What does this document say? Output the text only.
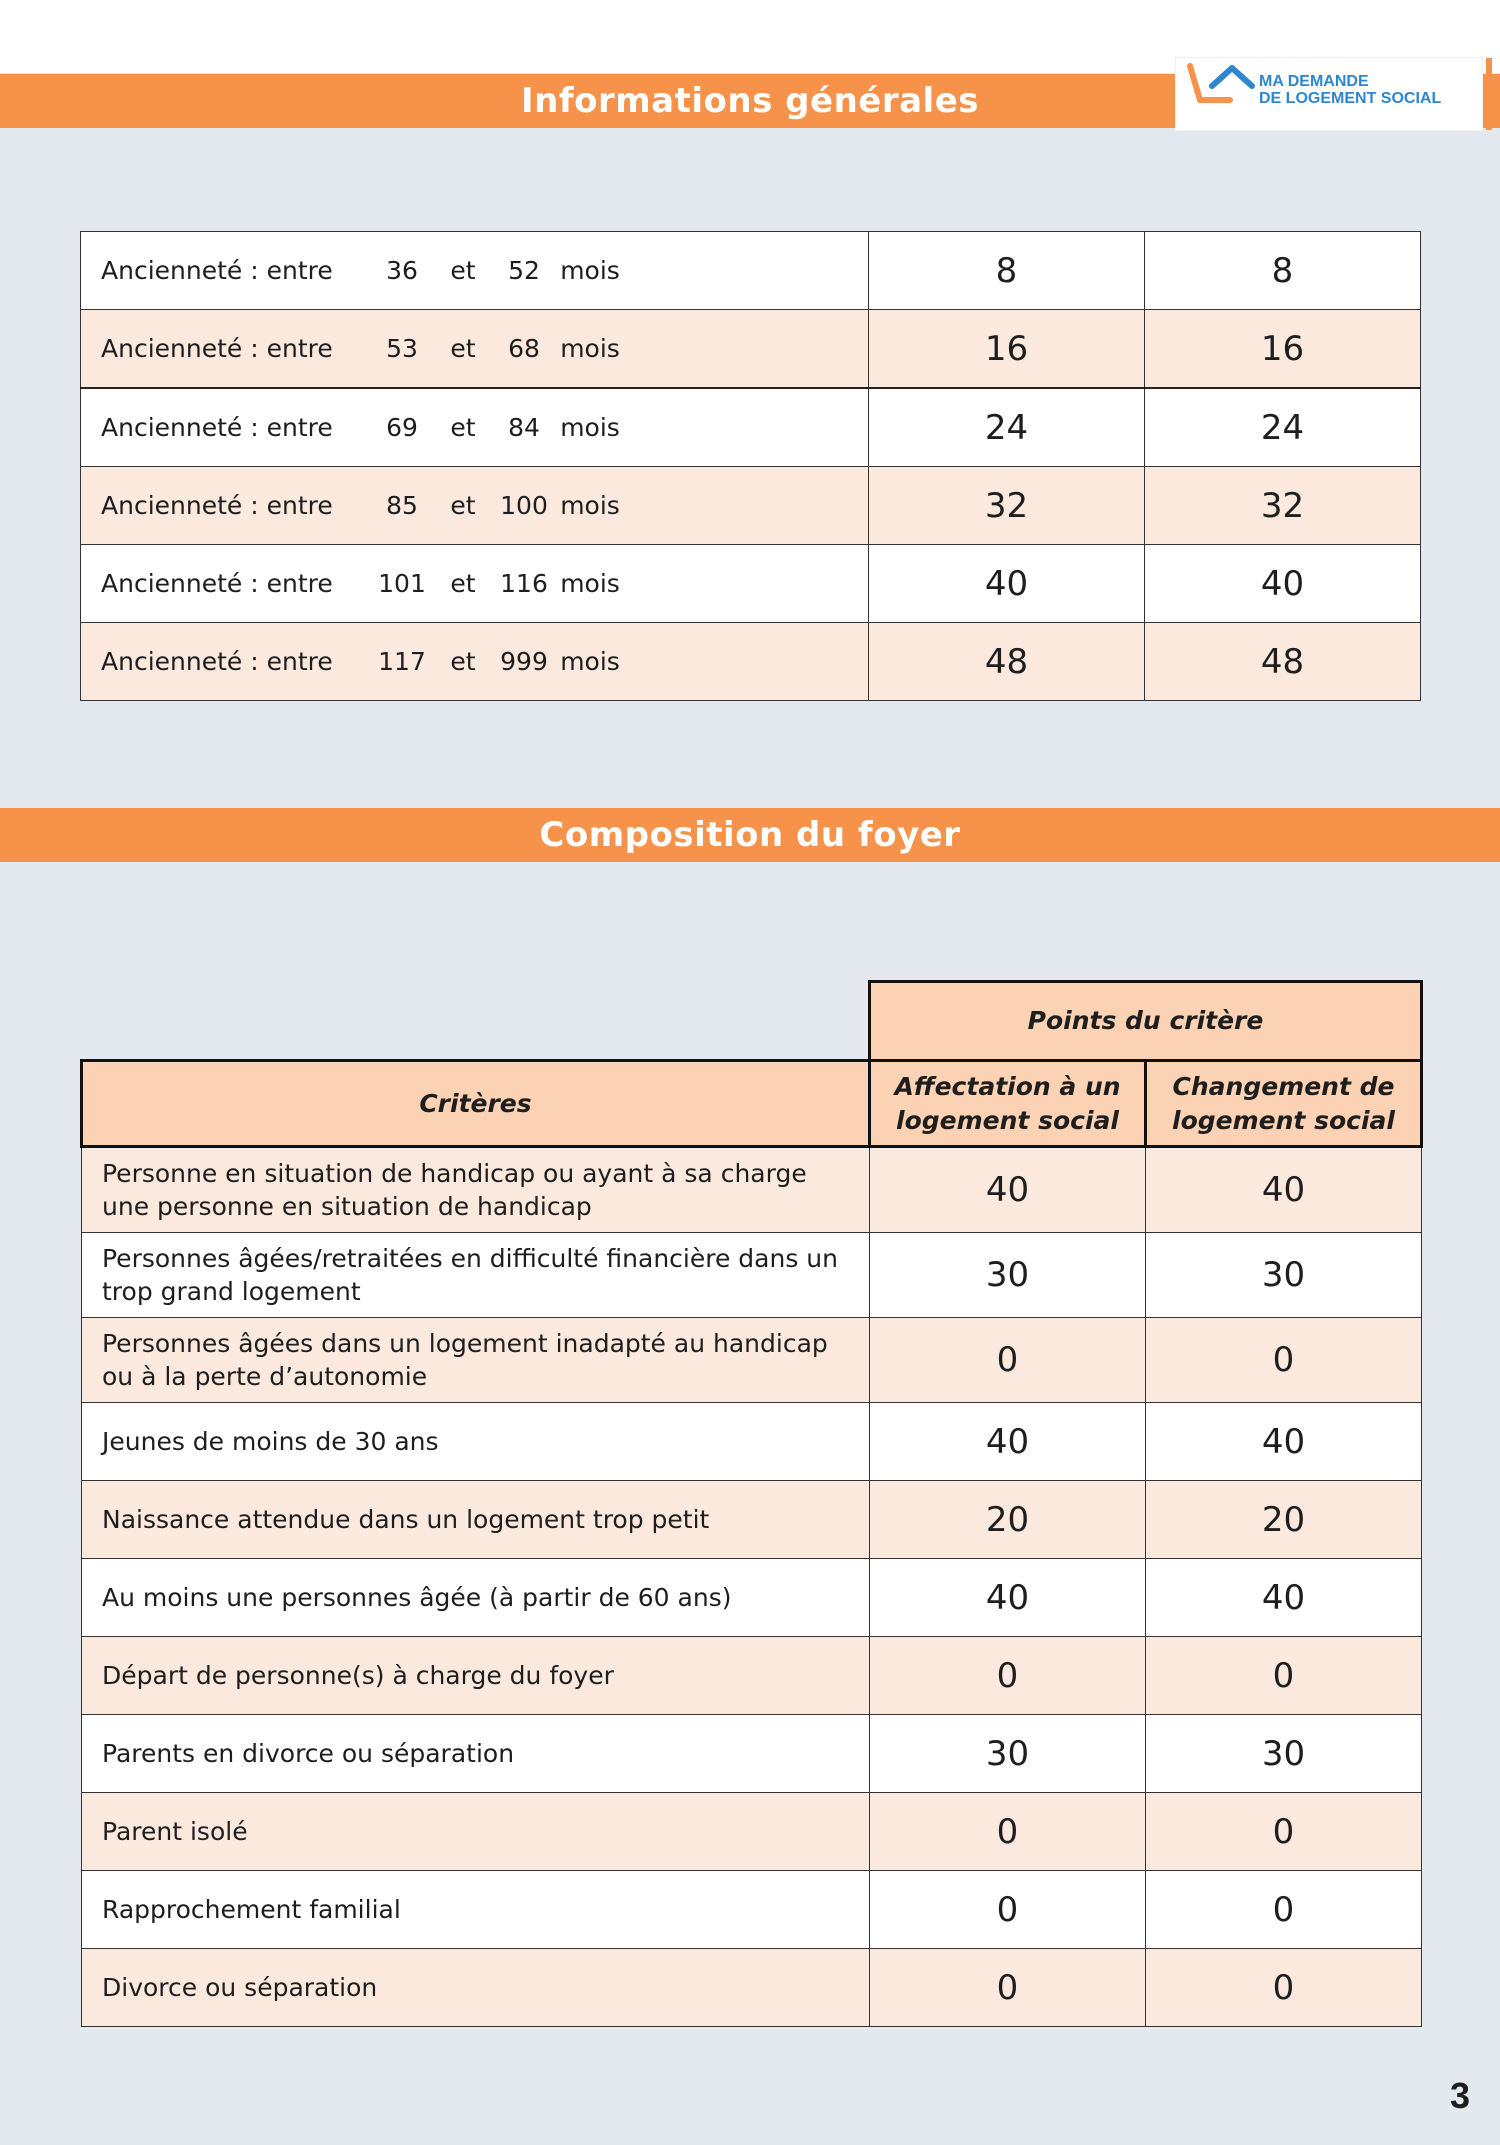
Informations générales	MA DEMANDE
DE LOGEMENT SOCIAL
Ancienneté : entre 36 et 52 mois	8	8
Ancienneté : entre 53 et 68 mois	16	16
Ancienneté : entre 69 et 84 mois	24	24
Ancienneté : entre 85 et 100 mois	32	32
Ancienneté : entre 101 et 116 mois	40	40
Ancienneté : entre 117 et 999 mois	48	48
Composition du foyer
	Points du critère	
Critères	Affectation à un logement social	Changement de logement social
Personne en situation de handicap ou ayant à sa charge une personne en situation de handicap	40	40
Personnes âgées/retraitées en difficulté financière dans un trop grand logement	30	30
Personnes âgées dans un logement inadapté au handicap ou à la perte d’autonomie	0	0
Jeunes de moins de 30 ans	40	40
Naissance attendue dans un logement trop petit	20	20
Au moins une personnes âgée (à partir de 60 ans)	40	40
Départ de personne(s) à charge du foyer	0	0
Parents en divorce ou séparation	30	30
Parent isolé	0	0
Rapprochement familial	0	0
Divorce ou séparation	0	0
3
